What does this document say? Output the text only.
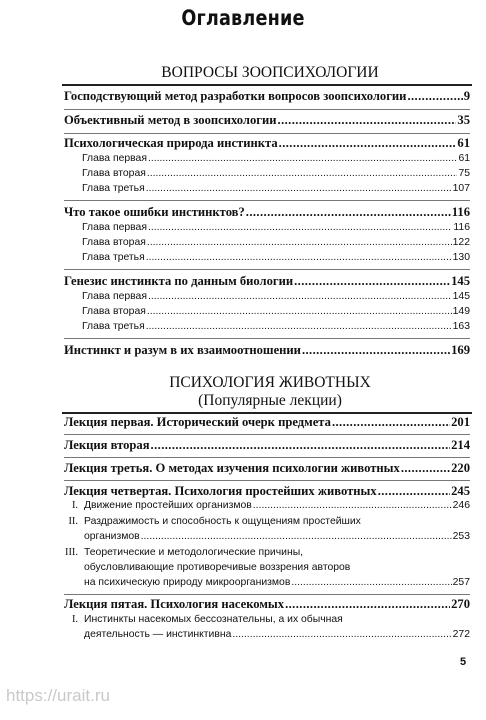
Оглавление
ВОПРОСЫ ЗООПСИХОЛОГИИ
Господствующий метод разработки вопросов зоопсихологии .....	9
Объективный метод в зоопсихологии .....	35
Психологическая природа инстинкта .....	61
Глава первая .....	61
Глава вторая .....	75
Глава третья .....	107
Что такое ошибки инстинктов? .....	116
Глава первая .....	116
Глава вторая .....	122
Глава третья .....	130
Генезис инстинкта по данным биологии .....	145
Глава первая .....	145
Глава вторая .....	149
Глава третья .....	163
Инстинкт и разум в их взаимоотношении .....	169
ПСИХОЛОГИЯ ЖИВОТНЫХ
(Популярные лекции)
Лекция первая. Исторический очерк предмета .....	201
Лекция вторая .....	214
Лекция третья. О методах изучения психологии животных .....	220
Лекция четвертая. Психология простейших животных .....	245
I. Движение простейших организмов .....	246
II. Раздражимость и способность к ощущениям простейших
организмов .....	253
III. Теоретические и методологические причины,
обусловливающие противоречивые воззрения авторов
на психическую природу микроорганизмов .....	257
Лекция пятая. Психология насекомых .....	270
I. Инстинкты насекомых бессознательны, а их обычная
деятельность — инстинктивна .....	272
5
https://urait.ru
